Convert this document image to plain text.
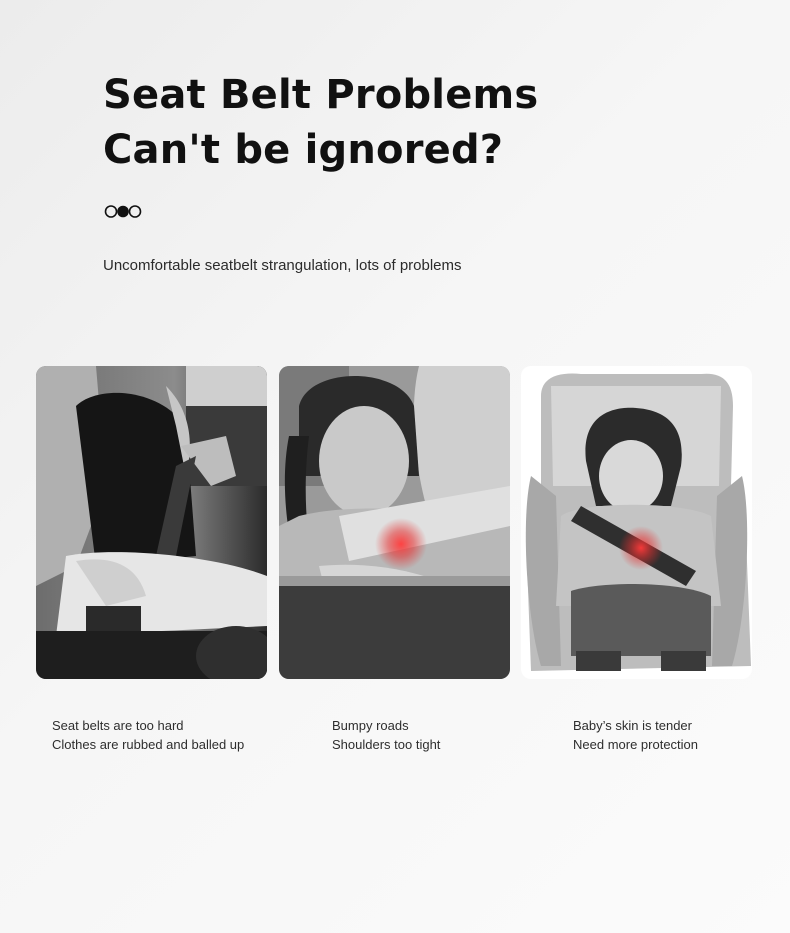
Seat Belt Problems
Can't be ignored?

Uncomfortable seatbelt strangulation, lots of problems

Seat belts are too hard
Clothes are rubbed and balled up
Bumpy roads
Shoulders too tight
Baby’s skin is tender
Need more protection
